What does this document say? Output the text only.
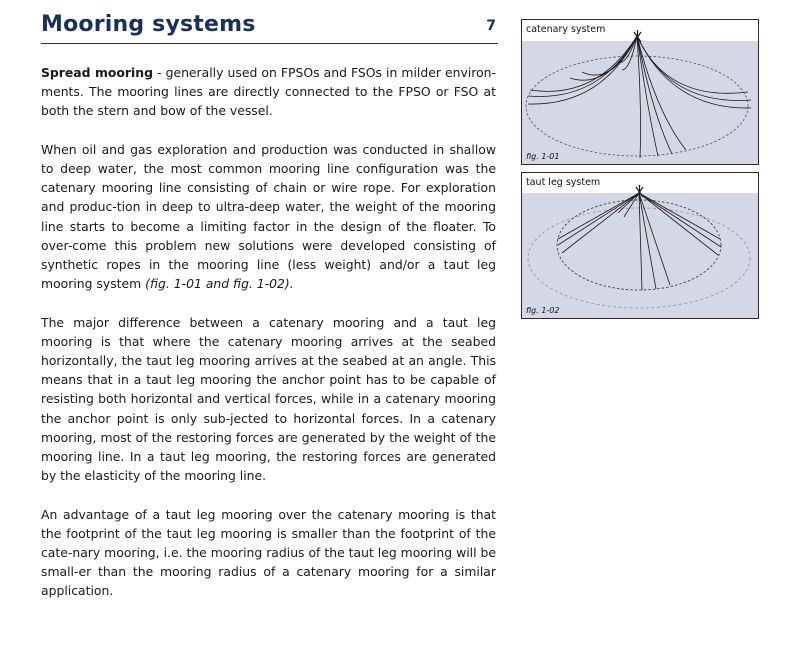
Mooring systems	7

Spread mooring - generally used on FPSOs and FSOs in milder environ-ments. The mooring lines are directly connected to the FPSO or FSO at both the stern and bow of the vessel.

When oil and gas exploration and production was conducted in shallow to deep water, the most common mooring line configuration was the catenary mooring line consisting of chain or wire rope. For exploration and produc-tion in deep to ultra-deep water, the weight of the mooring line starts to become a limiting factor in the design of the floater. To over-come this problem new solutions were developed consisting of synthetic ropes in the mooring line (less weight) and/or a taut leg mooring system (fig. 1-01 and fig. 1-02).

The major difference between a catenary mooring and a taut leg mooring is that where the catenary mooring arrives at the seabed horizontally, the taut leg mooring arrives at the seabed at an angle. This means that in a taut leg mooring the anchor point has to be capable of resisting both horizontal and vertical forces, while in a catenary mooring the anchor point is only sub-jected to horizontal forces. In a catenary mooring, most of the restoring forces are generated by the weight of the mooring line. In a taut leg mooring, the restoring forces are generated by the elasticity of the mooring line.

An advantage of a taut leg mooring over the catenary mooring is that the footprint of the taut leg mooring is smaller than the footprint of the cate-nary mooring, i.e. the mooring radius of the taut leg mooring will be small-er than the mooring radius of a catenary mooring for a similar application.

catenary system
fig. 1-01
taut leg system
fig. 1-02
